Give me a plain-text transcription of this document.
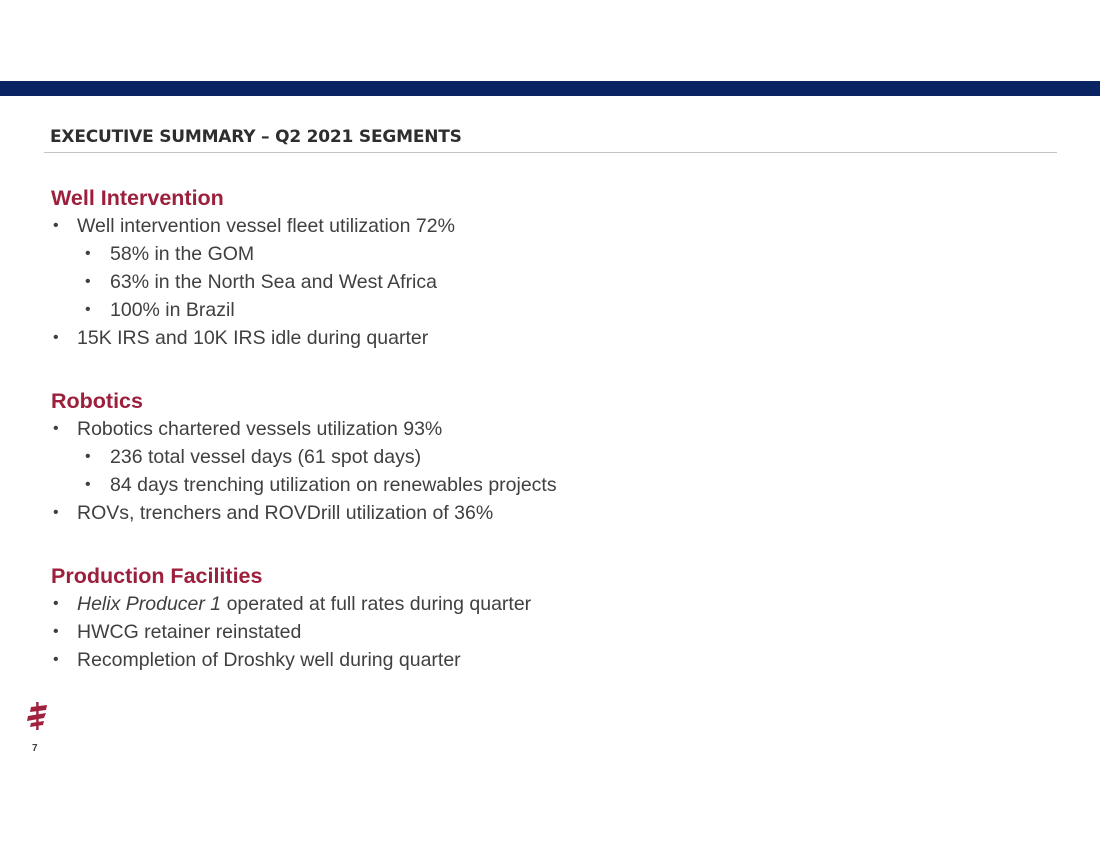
EXECUTIVE SUMMARY – Q2 2021 SEGMENTS
Well Intervention
• Well intervention vessel fleet utilization 72%
• 58% in the GOM
• 63% in the North Sea and West Africa
• 100% in Brazil
• 15K IRS and 10K IRS idle during quarter
Robotics
• Robotics chartered vessels utilization 93%
• 236 total vessel days (61 spot days)
• 84 days trenching utilization on renewables projects
• ROVs, trenchers and ROVDrill utilization of 36%
Production Facilities
• Helix Producer 1 operated at full rates during quarter
• HWCG retainer reinstated
• Recompletion of Droshky well during quarter
7
